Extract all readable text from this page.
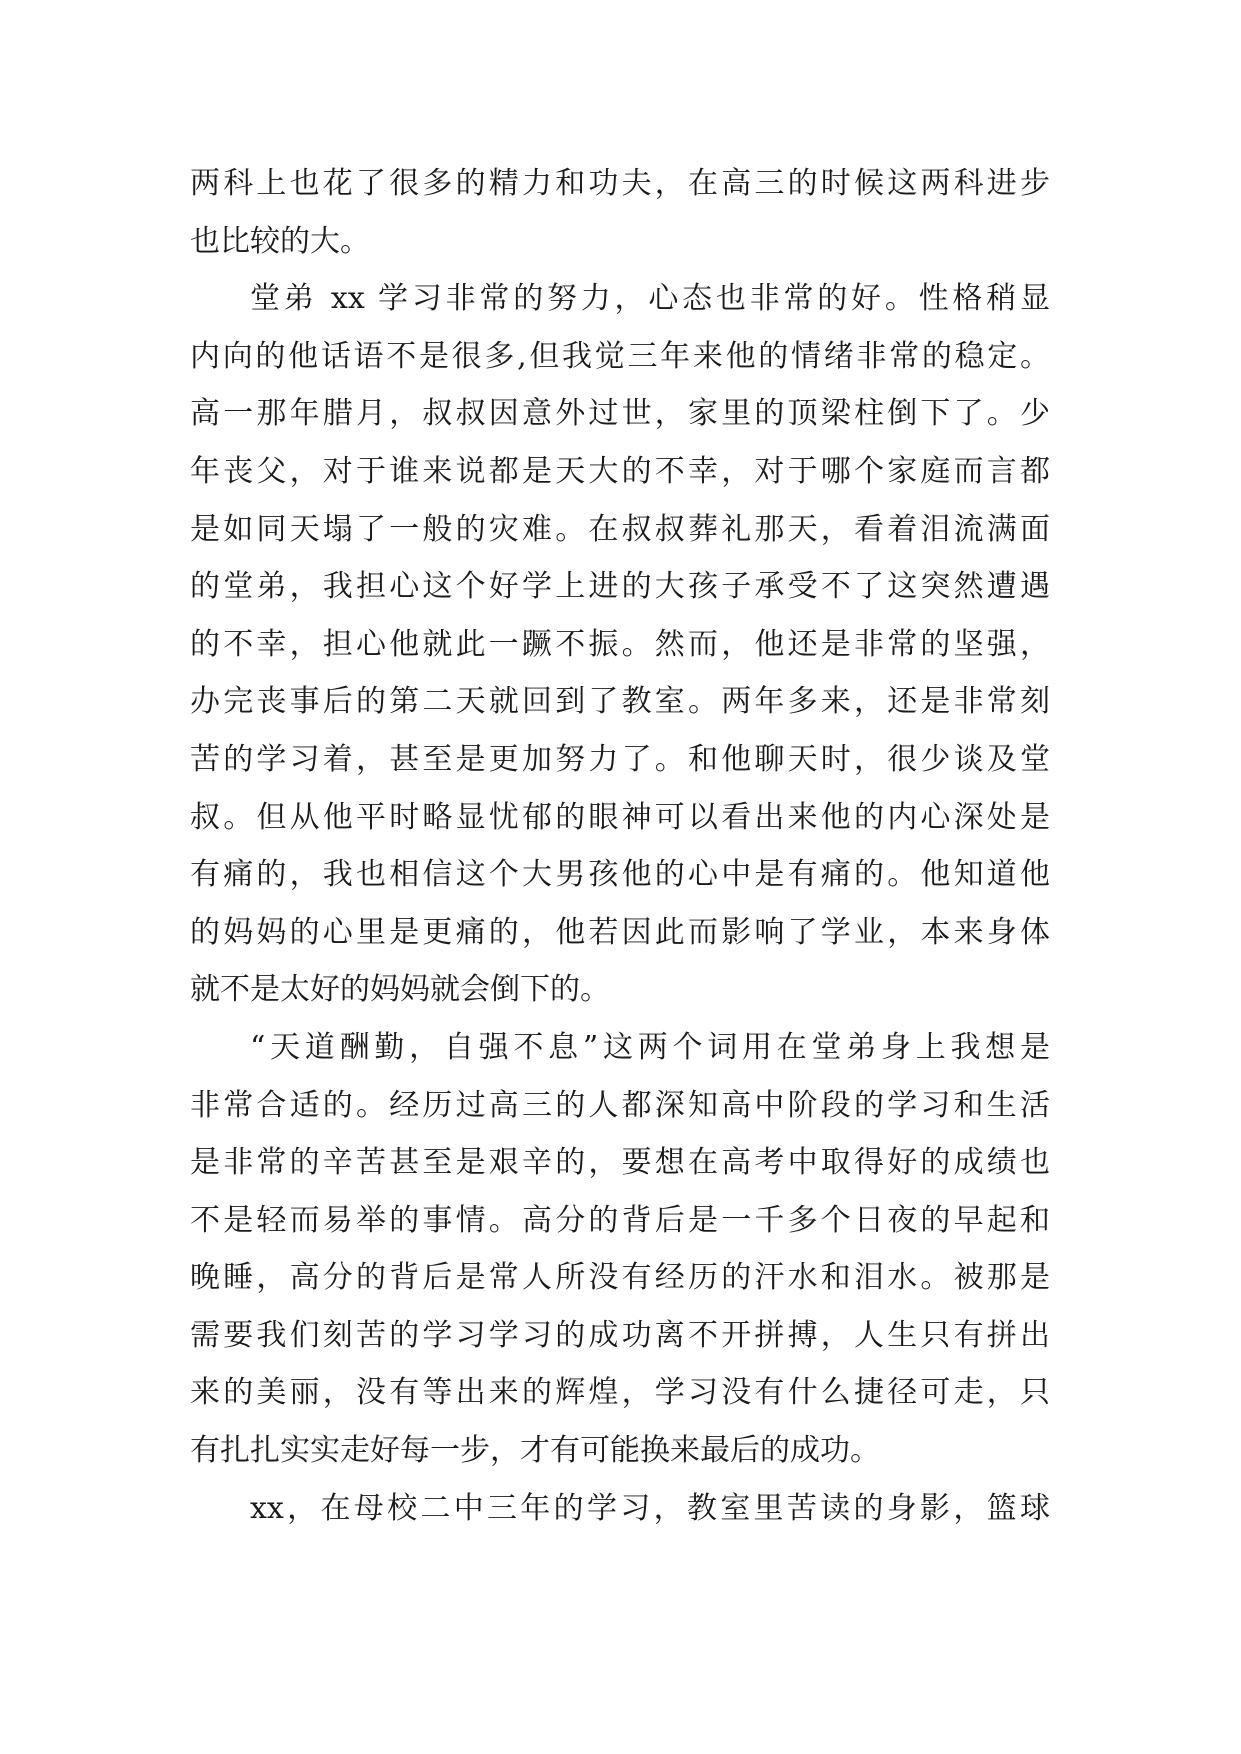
两科上也花了很多的精力和功夫，在高三的时候这两科进步
也比较的大。
堂弟 xx 学习非常的努力，心态也非常的好。性格稍显
内向的他话语不是很多,但我觉三年来他的情绪非常的稳定。
高一那年腊月，叔叔因意外过世，家里的顶梁柱倒下了。少
年丧父，对于谁来说都是天大的不幸，对于哪个家庭而言都
是如同天塌了一般的灾难。在叔叔葬礼那天，看着泪流满面
的堂弟，我担心这个好学上进的大孩子承受不了这突然遭遇
的不幸，担心他就此一蹶不振。然而，他还是非常的坚强，
办完丧事后的第二天就回到了教室。两年多来，还是非常刻
苦的学习着，甚至是更加努力了。和他聊天时，很少谈及堂
叔。但从他平时略显忧郁的眼神可以看出来他的内心深处是
有痛的，我也相信这个大男孩他的心中是有痛的。他知道他
的妈妈的心里是更痛的，他若因此而影响了学业，本来身体
就不是太好的妈妈就会倒下的。
“天道酬勤，自强不息”这两个词用在堂弟身上我想是
非常合适的。经历过高三的人都深知高中阶段的学习和生活
是非常的辛苦甚至是艰辛的，要想在高考中取得好的成绩也
不是轻而易举的事情。高分的背后是一千多个日夜的早起和
晚睡，高分的背后是常人所没有经历的汗水和泪水。被那是
需要我们刻苦的学习学习的成功离不开拼搏，人生只有拼出
来的美丽，没有等出来的辉煌，学习没有什么捷径可走，只
有扎扎实实走好每一步，才有可能换来最后的成功。
xx，在母校二中三年的学习，教室里苦读的身影，篮球
